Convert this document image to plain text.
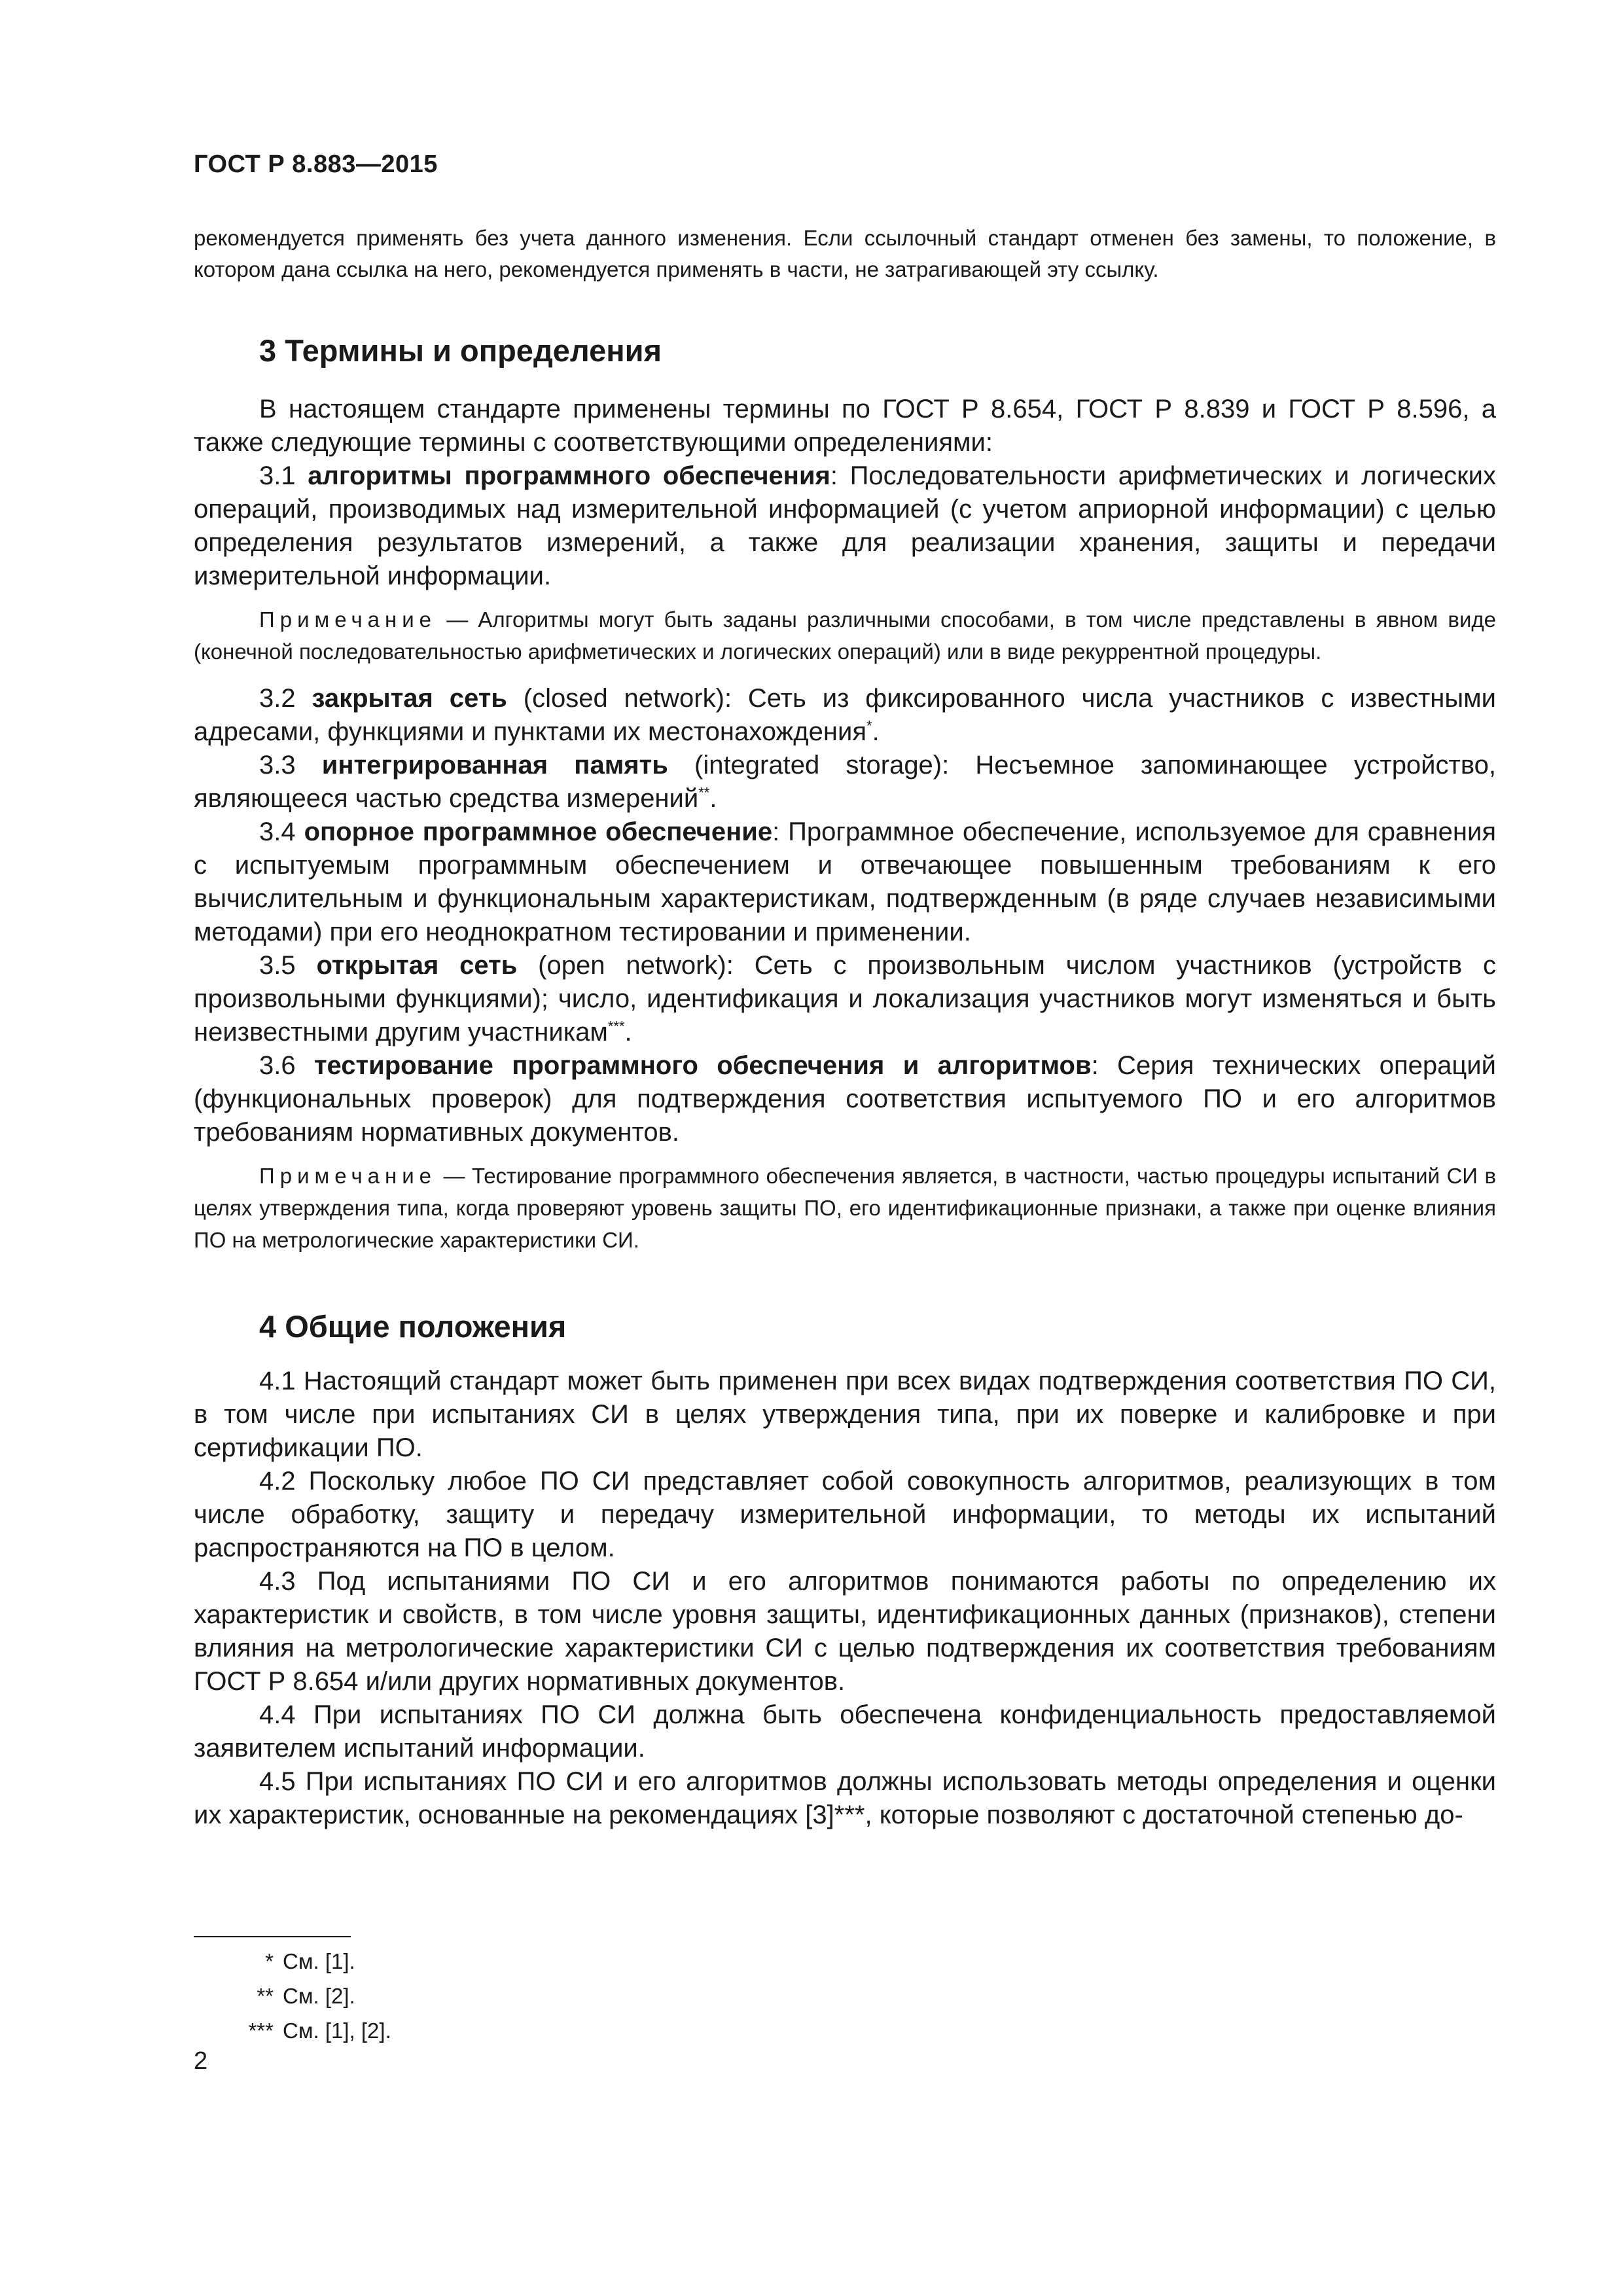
ГОСТ Р 8.883—2015

рекомендуется применять без учета данного изменения. Если ссылочный стандарт отменен без замены, то положение, в котором дана ссылка на него, рекомендуется применять в части, не затрагивающей эту ссылку.

3 Термины и определения

В настоящем стандарте применены термины по ГОСТ Р 8.654, ГОСТ Р 8.839 и ГОСТ Р 8.596, а также следующие термины с соответствующими определениями:

3.1 алгоритмы программного обеспечения: Последовательности арифметических и логических операций, производимых над измерительной информацией (с учетом априорной информации) с целью определения результатов измерений, а также для реализации хранения, защиты и передачи измерительной информации.

Примечание — Алгоритмы могут быть заданы различными способами, в том числе представлены в явном виде (конечной последовательностью арифметических и логических операций) или в виде рекуррентной процедуры.

3.2 закрытая сеть (closed network): Сеть из фиксированного числа участников с известными адресами, функциями и пунктами их местонахождения*.

3.3 интегрированная память (integrated storage): Несъемное запоминающее устройство, являющееся частью средства измерений**.

3.4 опорное программное обеспечение: Программное обеспечение, используемое для сравнения с испытуемым программным обеспечением и отвечающее повышенным требованиям к его вычислительным и функциональным характеристикам, подтвержденным (в ряде случаев независимыми методами) при его неоднократном тестировании и применении.

3.5 открытая сеть (open network): Сеть с произвольным числом участников (устройств с произвольными функциями); число, идентификация и локализация участников могут изменяться и быть неизвестными другим участникам***.

3.6 тестирование программного обеспечения и алгоритмов: Серия технических операций (функциональных проверок) для подтверждения соответствия испытуемого ПО и его алгоритмов требованиям нормативных документов.

Примечание — Тестирование программного обеспечения является, в частности, частью процедуры испытаний СИ в целях утверждения типа, когда проверяют уровень защиты ПО, его идентификационные признаки, а также при оценке влияния ПО на метрологические характеристики СИ.

4 Общие положения

4.1 Настоящий стандарт может быть применен при всех видах подтверждения соответствия ПО СИ, в том числе при испытаниях СИ в целях утверждения типа, при их поверке и калибровке и при сертификации ПО.

4.2 Поскольку любое ПО СИ представляет собой совокупность алгоритмов, реализующих в том числе обработку, защиту и передачу измерительной информации, то методы их испытаний распространяются на ПО в целом.

4.3 Под испытаниями ПО СИ и его алгоритмов понимаются работы по определению их характеристик и свойств, в том числе уровня защиты, идентификационных данных (признаков), степени влияния на метрологические характеристики СИ с целью подтверждения их соответствия требованиям ГОСТ Р 8.654 и/или других нормативных документов.

4.4 При испытаниях ПО СИ должна быть обеспечена конфиденциальность предоставляемой заявителем испытаний информации.

4.5 При испытаниях ПО СИ и его алгоритмов должны использовать методы определения и оценки их характеристик, основанные на рекомендациях [3]***, которые позволяют с достаточной степенью до-

* См. [1].
** См. [2].
*** См. [1], [2].
2
